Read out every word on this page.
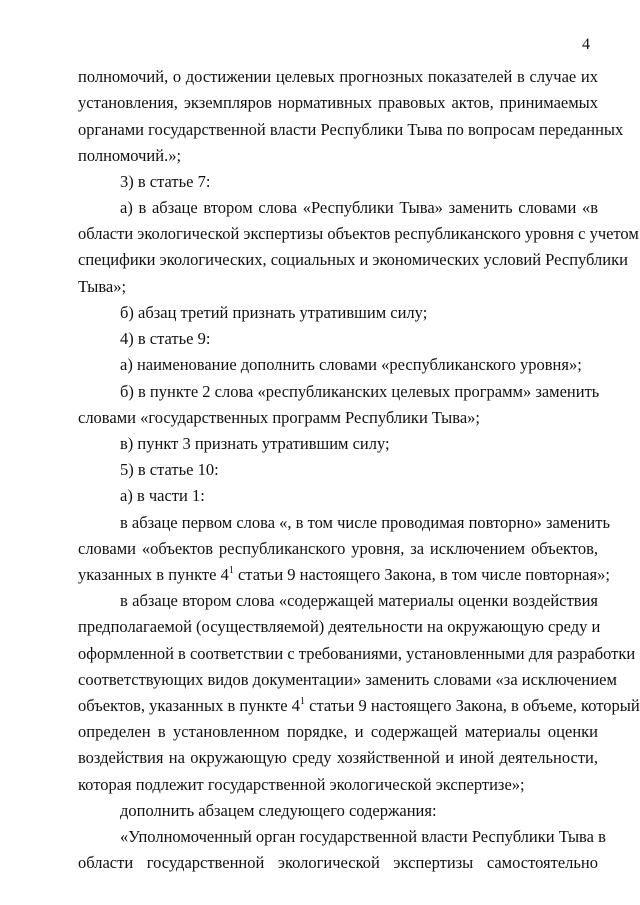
4
полномочий, о достижении целевых прогнозных показателей в случае их
установления, экземпляров нормативных правовых актов, принимаемых
органами государственной власти Республики Тыва по вопросам переданных
полномочий.»;
3) в статье 7:
а) в абзаце втором слова «Республики Тыва» заменить словами «в
области экологической экспертизы объектов республиканского уровня с учетом
специфики экологических, социальных и экономических условий Республики
Тыва»;
б) абзац третий признать утратившим силу;
4) в статье 9:
а) наименование дополнить словами «республиканского уровня»;
б) в пункте 2 слова «республиканских целевых программ» заменить
словами «государственных программ Республики Тыва»;
в) пункт 3 признать утратившим силу;
5) в статье 10:
а) в части 1:
в абзаце первом слова «, в том числе проводимая повторно» заменить
словами «объектов республиканского уровня, за исключением объектов,
указанных в пункте $4^1$ статьи 9 настоящего Закона, в том числе повторная»;
в абзаце втором слова «содержащей материалы оценки воздействия
предполагаемой (осуществляемой) деятельности на окружающую среду и
оформленной в соответствии с требованиями, установленными для разработки
соответствующих видов документации» заменить словами «за исключением
объектов, указанных в пункте $4^1$ статьи 9 настоящего Закона, в объеме, который
определен в установленном порядке, и содержащей материалы оценки
воздействия на окружающую среду хозяйственной и иной деятельности,
которая подлежит государственной экологической экспертизе»;
дополнить абзацем следующего содержания:
«Уполномоченный орган государственной власти Республики Тыва в
области государственной экологической экспертизы самостоятельно
